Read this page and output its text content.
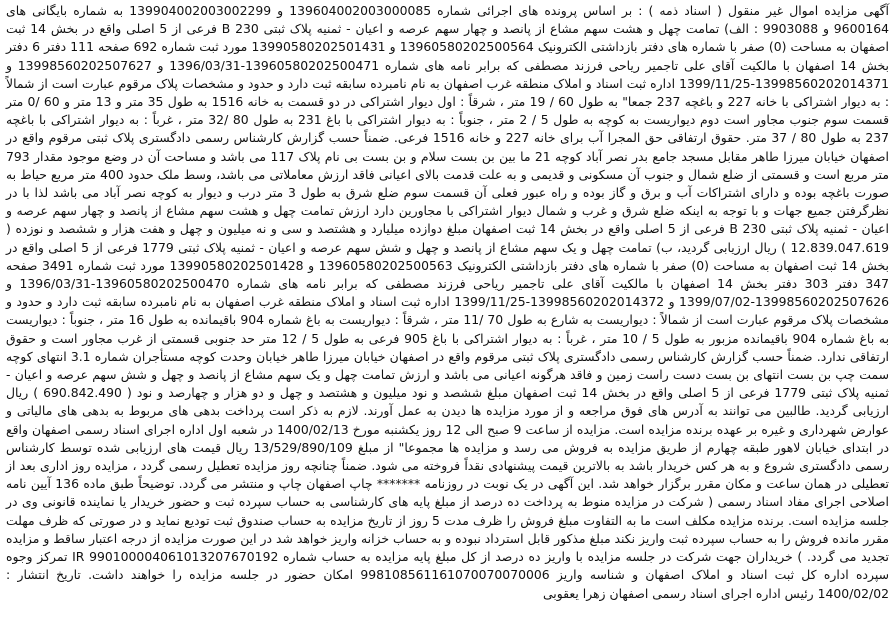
آگهی مزایده اموال غیر منقول ( اسناد ذمه ) : بر اساس پرونده های اجرائی شماره 139604002003000085 و 139904002003002299 به شماره بایگانی های 9600164 و 9903088 : الف) تمامت چهل و هشت سهم مشاع از پانصد و چهار سهم عرصه و اعیان - ثمنیه پلاک ثبتی B 230 فرعی از 5 اصلی واقع در بخش 14 ثبت اصفهان به مساحت (0) صفر با شماره های دفتر بازداشتی الکترونیک 13960580202500564 و 13990580202501431 مورد ثبت شماره 692 صفحه 111 دفتر 6 دفتر بخش 14 اصفهان با مالکیت آقای علی تاجمیر ریاحی فرزند مصطفی که برابر نامه های شماره 13960580202500471-1396/03/31 و 13998560202507627 و 13998560202014371-1399/11/25 اداره ثبت اسناد و املاک منطقه غرب اصفهان به نام نامبرده سابقه ثبت دارد و حدود و مشخصات پلاک مرقوم عبارت است از شمالاً : به دیوار اشتراکی با خانه 227 و باغچه 237 جمعا" به طول 60 / 19 متر ، شرقاً : اول دیوار اشتراکی در دو قسمت به خانه 1516 به طول 35 متر و 13 متر و 60 /0 متر قسمت سوم جنوب مجاور است دوم دیواریست به کوچه به طول 5 / 2 متر ، جنوباً : به دیوار اشتراکی با باغ 231 به طول 80 /32 متر ، غرباً : به دیوار اشتراکی با باغچه 237 به طول 80 / 37 متر. حقوق ارتفاقی حق المجرا آب برای خانه 227 و خانه 1516 فرعی. ضمناً حسب گزارش کارشناس رسمی دادگستری پلاک ثبتی مرقوم واقع در اصفهان خیابان میرزا طاهر مقابل مسجد جامع بدر نصر آباد کوچه 21 ما بین بن بست سلام و بن بست بی نام پلاک 117 می باشد و مساحت آن در وضع موجود مقدار 793 متر مربع است و قسمتی از ضلع شمال و جنوب آن مسکونی و قدیمی و به علت قدمت بالای اعیانی فاقد ارزش معاملاتی می باشد، وسط ملک حدود 400 متر مربع حیاط به صورت باغچه بوده و دارای اشتراکات آب و برق و گاز بوده و راه عبور فعلی آن قسمت سوم ضلع شرق به طول 3 متر درب و دیوار به کوچه نصر آباد می باشد لذا با در نظرگرفتن جمیع جهات و با توجه به اینکه ضلع شرق و غرب و شمال دیوار اشتراکی با مجاورین دارد ارزش تمامت چهل و هشت سهم مشاع از پانصد و چهار سهم عرصه و اعیان - ثمنیه پلاک ثبتی B 230 فرعی از 5 اصلی واقع در بخش 14 ثبت اصفهان مبلغ دوازده میلیارد و هشتصد و سی و نه میلیون و چهل و هفت هزار و ششصد و نوزده ( 12.839.047.619 ) ریال ارزیابی گردید، ب) تمامت چهل و یک سهم مشاع از پانصد و چهل و شش سهم عرصه و اعیان - ثمنیه پلاک ثبتی 1779 فرعی از 5 اصلی واقع در بخش 14 ثبت اصفهان به مساحت (0) صفر با شماره های دفتر بازداشتی الکترونیک 13960580202500563 و 13990580202501428 مورد ثبت شماره 3491 صفحه 347 دفتر 303 دفتر بخش 14 اصفهان با مالکیت آقای علی تاجمیر ریاحی فرزند مصطفی که برابر نامه های شماره 13960580202500470-1396/03/31 و 13998560202507626-1399/07/02 و 13998560202014372-1399/11/25 اداره ثبت اسناد و املاک منطقه غرب اصفهان به نام نامبرده سابقه ثبت دارد و حدود و مشخصات پلاک مرقوم عبارت است از شمالاً : دیواریست به شارع به طول 70 /11 متر ، شرقاً : دیواریست به باغ شماره 904 باقیمانده به طول 16 متر ، جنوباً : دیواریست به باغ شماره 904 باقیمانده مزبور به طول 5 / 10 متر ، غرباً : به دیوار اشتراکی با باغ 905 فرعی به طول 5 / 12 متر حد جنوبی قسمتی از غرب مجاور است و حقوق ارتفاقی ندارد. ضمناً حسب گزارش کارشناس رسمی دادگستری پلاک ثبتی مرقوم واقع در اصفهان خیابان میرزا طاهر خیابان وحدت کوچه مستأجران شماره 3.1 انتهای کوچه سمت چپ بن بست انتهای بن بست دست راست زمین و فاقد هرگونه اعیانی می باشد و ارزش تمامت چهل و یک سهم مشاع از پانصد و چهل و شش سهم عرصه و اعیان - ثمنیه پلاک ثبتی 1779 فرعی از 5 اصلی واقع در بخش 14 ثبت اصفهان مبلغ ششصد و نود میلیون و هشتصد و چهل و دو هزار و چهارصد و نود ( 690.842.490 ) ریال ارزیابی گردید. طالبین می توانند به آدرس های فوق مراجعه و از مورد مزایده ها دیدن به عمل آورند. لازم به ذکر است پرداخت بدهی های مربوط به بدهی های مالیاتی و عوارض شهرداری و غیره بر عهده برنده مزایده است. مزایده از ساعت 9 صبح الی 12 روز یکشنبه مورخ 1400/02/13 در شعبه اول اداره اجرای اسناد رسمی اصفهان واقع در ابتدای خیابان لاهور طبقه چهارم از طریق مزایده به فروش می رسد و مزایده ها مجموعا" از مبلغ 13/529/890/109 ریال قیمت های ارزیابی شده توسط کارشناس رسمی دادگستری شروع و به هر کس خریدار باشد به بالاترین قیمت پیشنهادی نقداً فروخته می شود. ضمناً چنانچه روز مزایده تعطیل رسمی گردد ، مزایده روز اداری بعد از تعطیلی در همان ساعت و مکان مقرر برگزار خواهد شد. این آگهی در یک نوبت در روزنامه ******* چاپ اصفهان چاپ و منتشر می گردد. توضیحاً طبق ماده 136 آیین نامه اصلاحی اجرای مفاد اسناد رسمی ( شرکت در مزایده منوط به پرداخت ده درصد از مبلغ پایه های کارشناسی به حساب سپرده ثبت و حضور خریدار یا نماینده قانونی وی در جلسه مزایده است. برنده مزایده مکلف است ما به التفاوت مبلغ فروش را ظرف مدت 5 روز از تاریخ مزایده به حساب صندوق ثبت تودیع نماید و در صورتی که ظرف مهلت مقرر مانده فروش را به حساب سپرده ثبت واریز نکند مبلغ مذکور قابل استرداد نبوده و به حساب خزانه واریز خواهد شد در این صورت مزایده از درجه اعتبار ساقط و مزایده تجدید می گردد. ) خریداران جهت شرکت در جلسه مزایده با واریز ده درصد از کل مبلغ پایه مزایده به حساب شماره IR 990100004061013207670192 تمرکز وجوه سپرده اداره کل ثبت اسناد و املاک اصفهان و شناسه واریز 998108561161070070070006 امکان حضور در جلسه مزایده را خواهند داشت. تاریخ انتشار : 1400/02/02 رئیس اداره اجرای اسناد رسمی اصفهان زهرا یعقوبی
